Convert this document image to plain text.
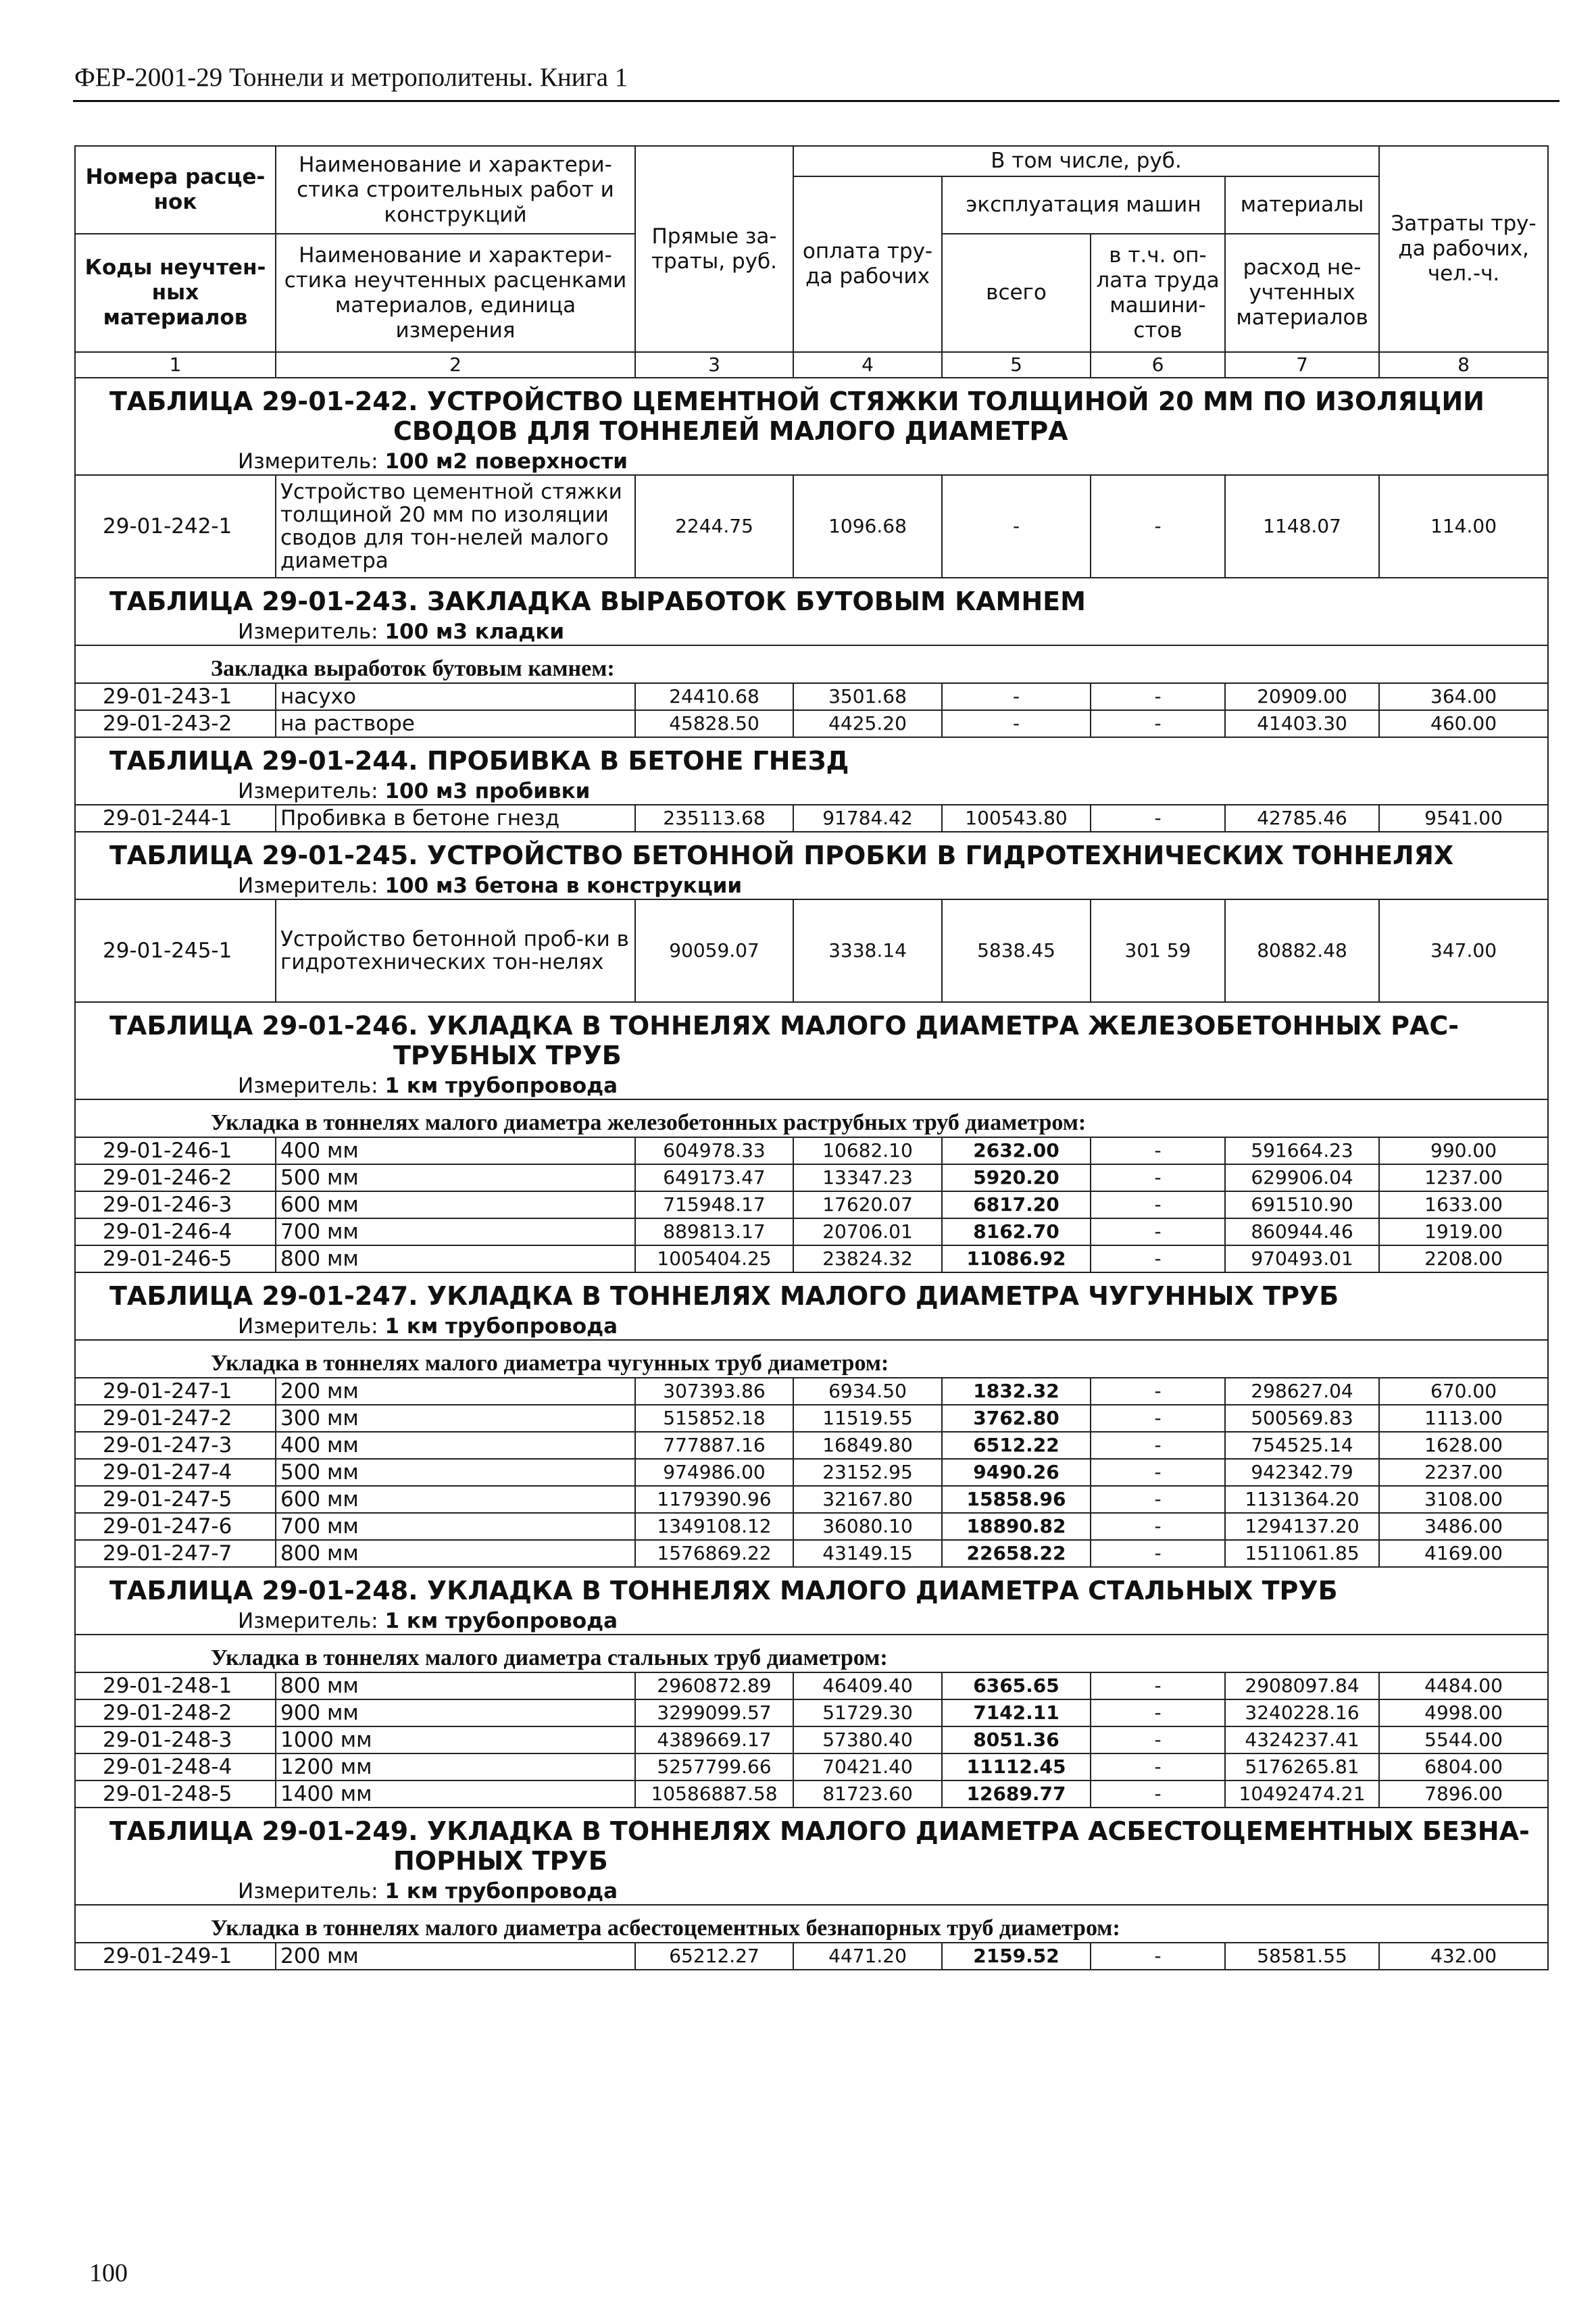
ФЕР-2001-29 Тоннели и метрополитены. Книга 1
Номера расце-нок	Наименование и характери-стика строительных работ и конструкций	Прямые за-траты, руб.	В том числе, руб.				Затраты тру-да рабочих, чел.-ч.
			оплата тру-да рабочих	эксплуатация машин		материалы	
Коды неучтен-ных материалов	Наименование и характери-стика неучтенных расценками материалов, единица измерения			всего	в т.ч. оп-лата труда машини-стов	расход не-учтенных материалов	

1	2	3	4	5	6	7	8
ТАБЛИЦА 29-01-242. УСТРОЙСТВО ЦЕМЕНТНОЙ СТЯЖКИ ТОЛЩИНОЙ 20 ММ ПО ИЗОЛЯЦИИ
СВОДОВ ДЛЯ ТОННЕЛЕЙ МАЛОГО ДИАМЕТРА							

Измеритель: 100 м2 поверхности							
29-01-242-1	Устройство цементной стяжки толщиной 20 мм по изоляции сводов для тон-нелей малого диаметра	2244.75	1096.68	-	-	1148.07	114.00
ТАБЛИЦА 29-01-243. ЗАКЛАДКА ВЫРАБОТОК БУТОВЫМ КАМНЕМ							
Измеритель: 100 м3 кладки							
Закладка выработок бутовым камнем:							
29-01-243-1	насухо	24410.68	3501.68	-	-	20909.00	364.00
29-01-243-2	на растворе	45828.50	4425.20	-	-	41403.30	460.00
ТАБЛИЦА 29-01-244. ПРОБИВКА В БЕТОНЕ ГНЕЗД							
Измеритель: 100 м3 пробивки							
29-01-244-1	Пробивка в бетоне гнезд	235113.68	91784.42	100543.80	-	42785.46	9541.00
ТАБЛИЦА 29-01-245. УСТРОЙСТВО БЕТОННОЙ ПРОБКИ В ГИДРОТЕХНИЧЕСКИХ ТОННЕЛЯХ							
Измеритель: 100 м3 бетона в конструкции							
29-01-245-1	Устройство бетонной проб-ки в гидротехнических тон-нелях	90059.07	3338.14	5838.45	301 59	80882.48	347.00
ТАБЛИЦА 29-01-246. УКЛАДКА В ТОННЕЛЯХ МАЛОГО ДИАМЕТРА ЖЕЛЕЗОБЕТОННЫХ РАС-
ТРУБНЫХ ТРУБ							

Измеритель: 1 км трубопровода							
Укладка в тоннелях малого диаметра железобетонных раструбных труб диаметром:							
29-01-246-1	400 мм	604978.33	10682.10	2632.00	-	591664.23	990.00
29-01-246-2	500 мм	649173.47	13347.23	5920.20	-	629906.04	1237.00
29-01-246-3	600 мм	715948.17	17620.07	6817.20	-	691510.90	1633.00
29-01-246-4	700 мм	889813.17	20706.01	8162.70	-	860944.46	1919.00
29-01-246-5	800 мм	1005404.25	23824.32	11086.92	-	970493.01	2208.00
ТАБЛИЦА 29-01-247. УКЛАДКА В ТОННЕЛЯХ МАЛОГО ДИАМЕТРА ЧУГУННЫХ ТРУБ							
Измеритель: 1 км трубопровода							
Укладка в тоннелях малого диаметра чугунных труб диаметром:							
29-01-247-1	200 мм	307393.86	6934.50	1832.32	-	298627.04	670.00
29-01-247-2	300 мм	515852.18	11519.55	3762.80	-	500569.83	1113.00
29-01-247-3	400 мм	777887.16	16849.80	6512.22	-	754525.14	1628.00
29-01-247-4	500 мм	974986.00	23152.95	9490.26	-	942342.79	2237.00
29-01-247-5	600 мм	1179390.96	32167.80	15858.96	-	1131364.20	3108.00
29-01-247-6	700 мм	1349108.12	36080.10	18890.82	-	1294137.20	3486.00
29-01-247-7	800 мм	1576869.22	43149.15	22658.22	-	1511061.85	4169.00
ТАБЛИЦА 29-01-248. УКЛАДКА В ТОННЕЛЯХ МАЛОГО ДИАМЕТРА СТАЛЬНЫХ ТРУБ							
Измеритель: 1 км трубопровода							
Укладка в тоннелях малого диаметра стальных труб диаметром:							
29-01-248-1	800 мм	2960872.89	46409.40	6365.65	-	2908097.84	4484.00
29-01-248-2	900 мм	3299099.57	51729.30	7142.11	-	3240228.16	4998.00
29-01-248-3	1000 мм	4389669.17	57380.40	8051.36	-	4324237.41	5544.00
29-01-248-4	1200 мм	5257799.66	70421.40	11112.45	-	5176265.81	6804.00
29-01-248-5	1400 мм	10586887.58	81723.60	12689.77	-	10492474.21	7896.00
ТАБЛИЦА 29-01-249. УКЛАДКА В ТОННЕЛЯХ МАЛОГО ДИАМЕТРА АСБЕСТОЦЕМЕНТНЫХ БЕЗНА-
ПОРНЫХ ТРУБ							

Измеритель: 1 км трубопровода							
Укладка в тоннелях малого диаметра асбестоцементных безнапорных труб диаметром:							
29-01-249-1	200 мм	65212.27	4471.20	2159.52	-	58581.55	432.00
100
